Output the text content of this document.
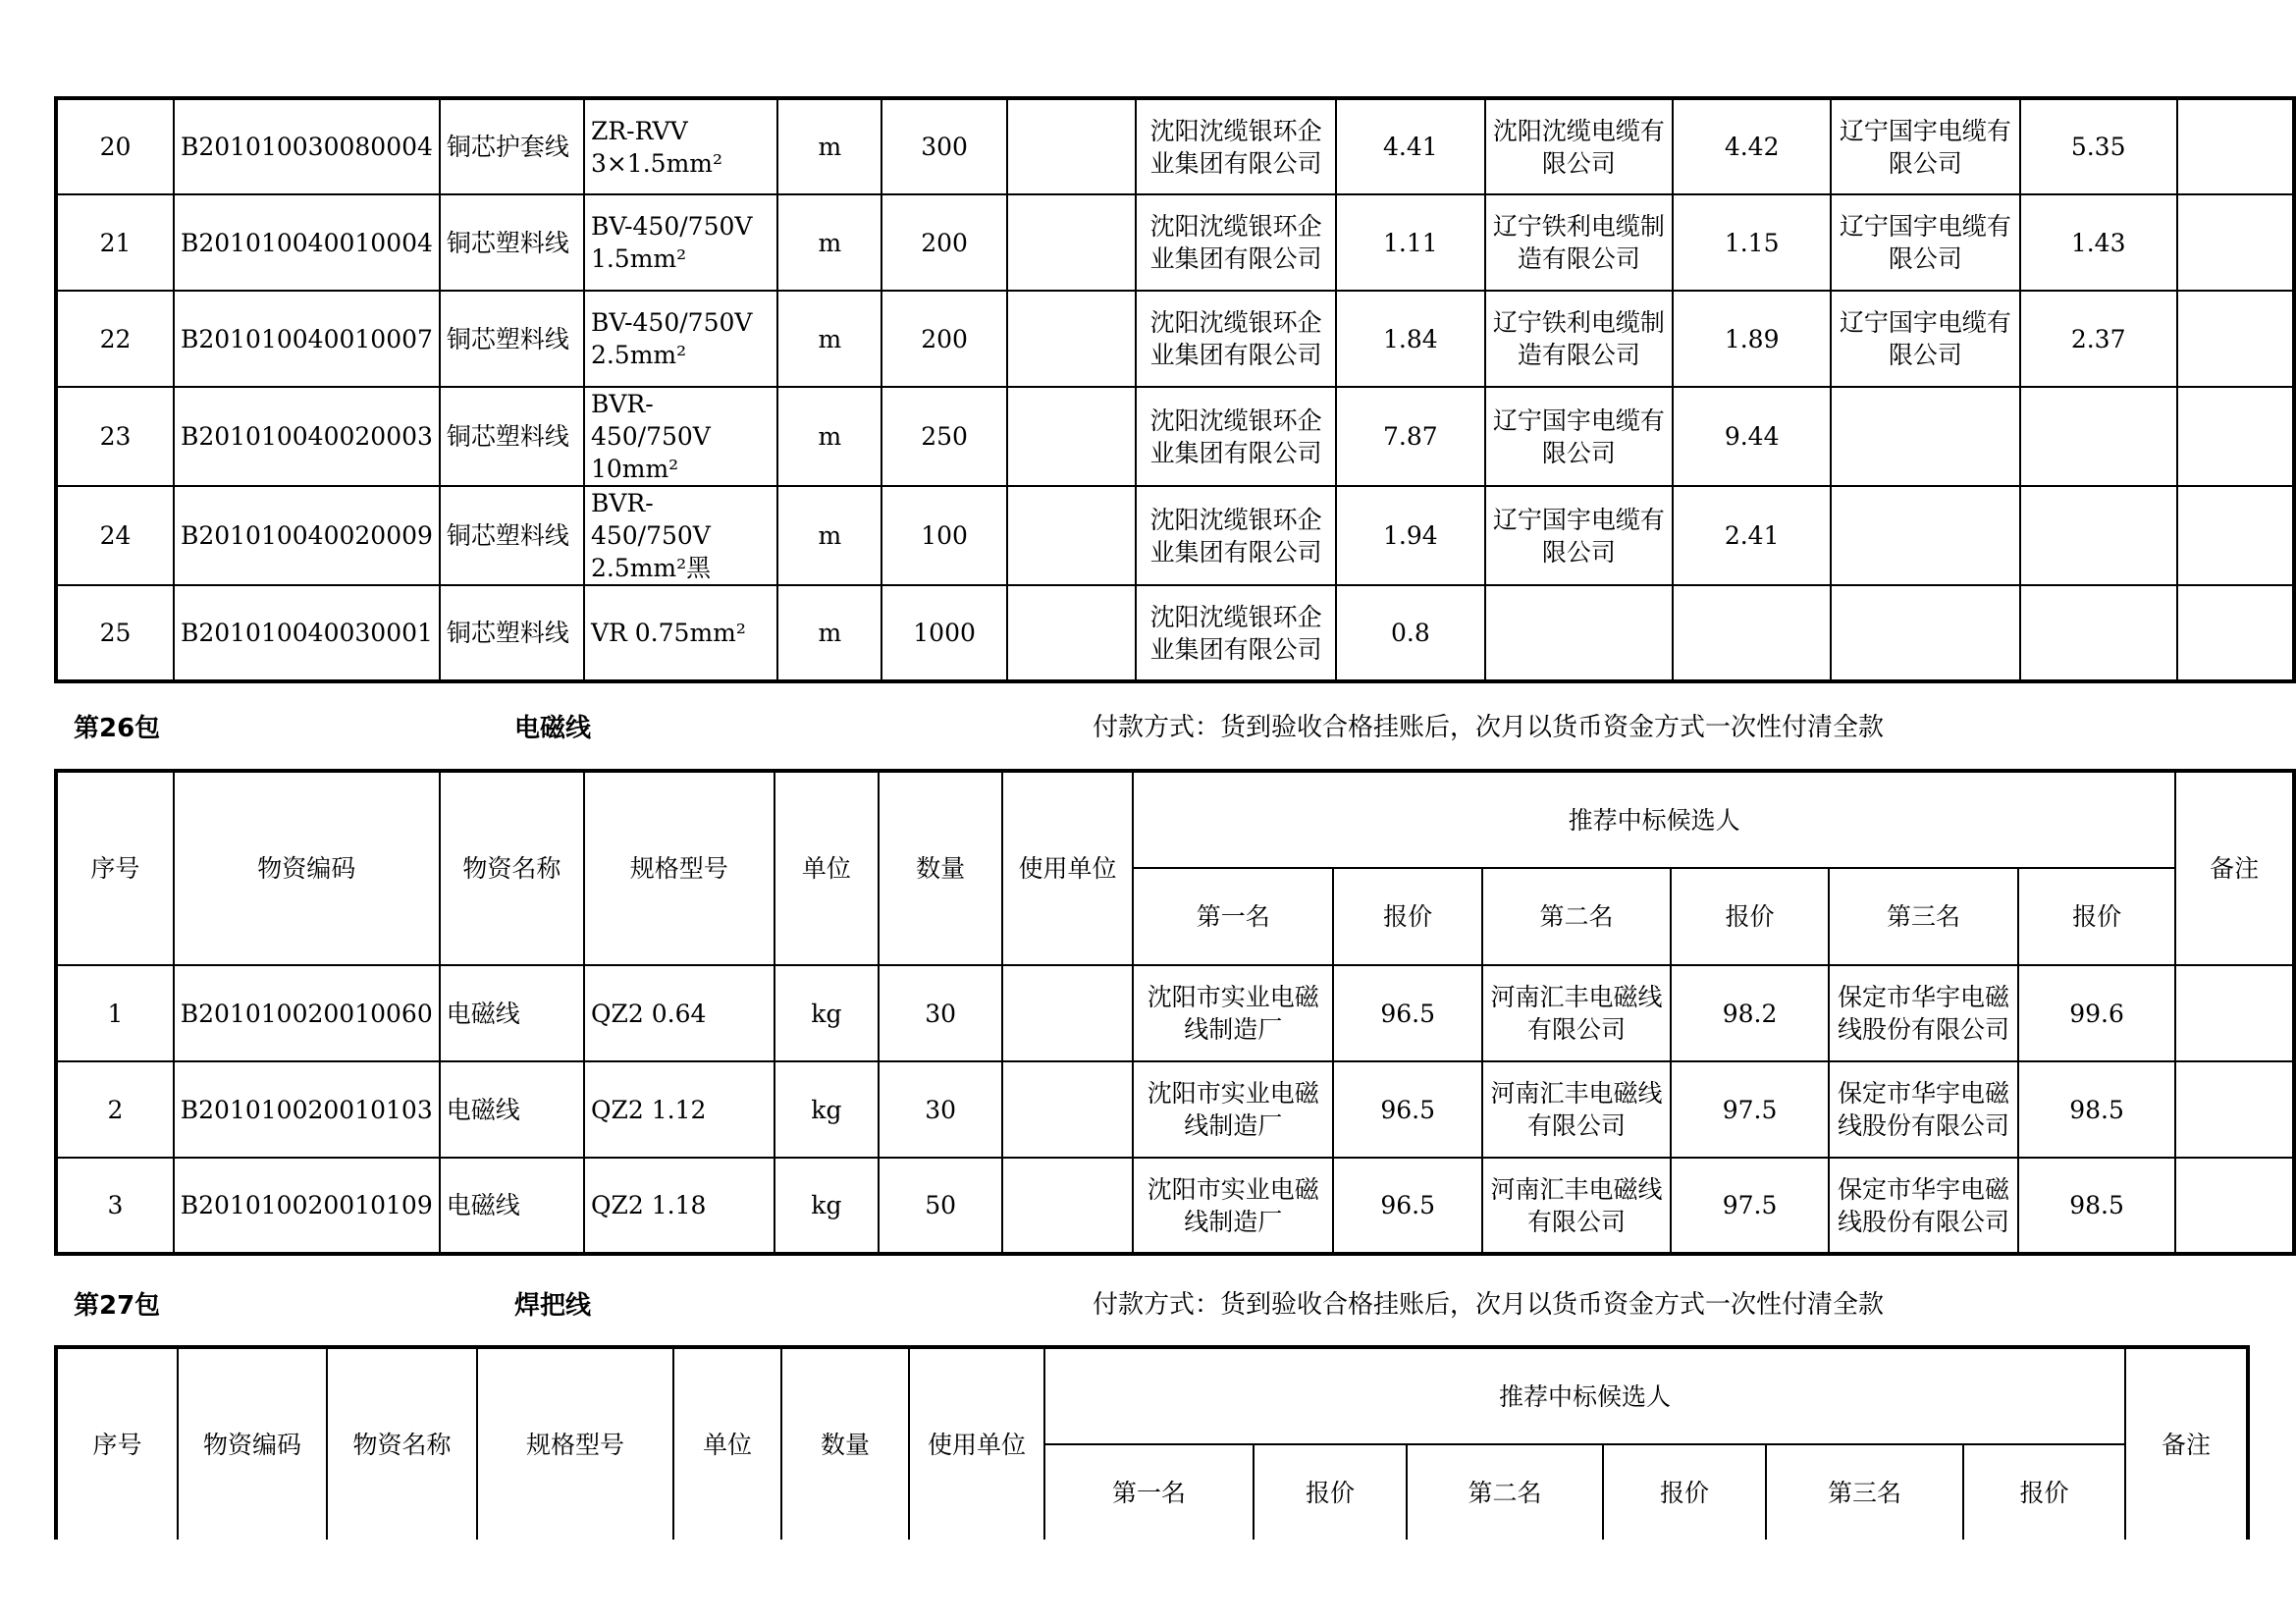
20	B201010030080004	铜芯护套线	ZR-RVV 3×1.5mm²	m	300		沈阳沈缆银环企业集团有限公司	4.41	沈阳沈缆电缆有限公司	4.42	辽宁国宇电缆有限公司	5.35	
21	B201010040010004	铜芯塑料线	BV-450/750V 1.5mm²	m	200		沈阳沈缆银环企业集团有限公司	1.11	辽宁铁利电缆制造有限公司	1.15	辽宁国宇电缆有限公司	1.43	
22	B201010040010007	铜芯塑料线	BV-450/750V 2.5mm²	m	200		沈阳沈缆银环企业集团有限公司	1.84	辽宁铁利电缆制造有限公司	1.89	辽宁国宇电缆有限公司	2.37	
23	B201010040020003	铜芯塑料线	BVR-450/750V 10mm²	m	250		沈阳沈缆银环企业集团有限公司	7.87	辽宁国宇电缆有限公司	9.44			
24	B201010040020009	铜芯塑料线	BVR-450/750V 2.5mm²黑	m	100		沈阳沈缆银环企业集团有限公司	1.94	辽宁国宇电缆有限公司	2.41			
25	B201010040030001	铜芯塑料线	VR 0.75mm²	m	1000		沈阳沈缆银环企业集团有限公司	0.8					
第26包	电磁线	付款方式：货到验收合格挂账后，次月以货币资金方式一次性付清全款
序号	物资编码	物资名称	规格型号	单位	数量	使用单位	推荐中标候选人						备注
							第一名	报价	第二名	报价	第三名	报价	
1	B201010020010060	电磁线	QZ2 0.64	kg	30		沈阳市实业电磁线制造厂	96.5	河南汇丰电磁线有限公司	98.2	保定市华宇电磁线股份有限公司	99.6	
2	B201010020010103	电磁线	QZ2 1.12	kg	30		沈阳市实业电磁线制造厂	96.5	河南汇丰电磁线有限公司	97.5	保定市华宇电磁线股份有限公司	98.5	
3	B201010020010109	电磁线	QZ2 1.18	kg	50		沈阳市实业电磁线制造厂	96.5	河南汇丰电磁线有限公司	97.5	保定市华宇电磁线股份有限公司	98.5	
第27包	焊把线	付款方式：货到验收合格挂账后，次月以货币资金方式一次性付清全款
序号	物资编码	物资名称	规格型号	单位	数量	使用单位	推荐中标候选人						备注
							第一名	报价	第二名	报价	第三名	报价	
